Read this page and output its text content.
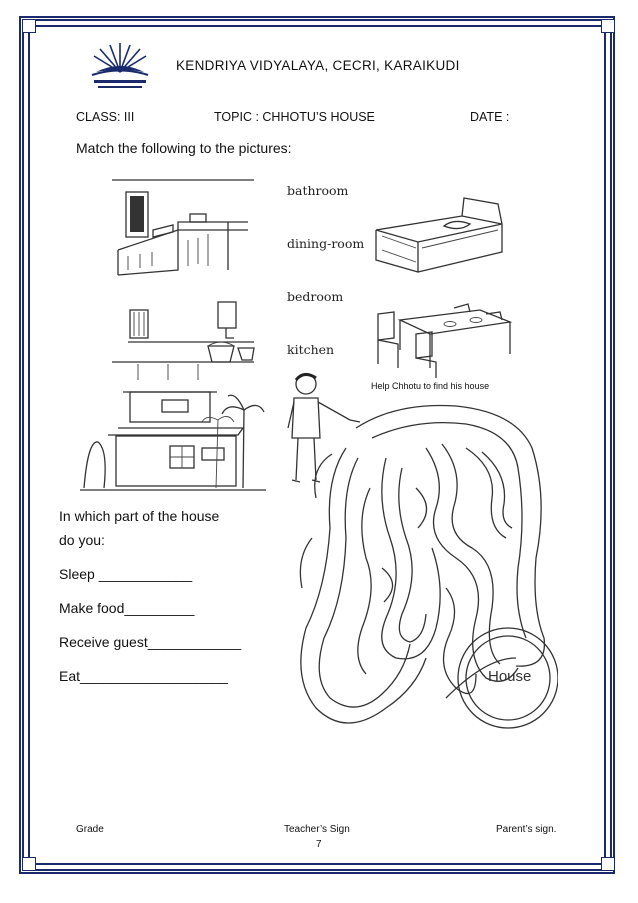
KENDRIYA VIDYALAYA, CECRI, KARAIKUDI
CLASS: III	TOPIC : CHHOTU’S HOUSE	DATE :
Match the following to the pictures:
bathroom
dining-room
bedroom
kitchen
Help Chhotu to find his house
House
In which part of the house
do you:
Sleep ____________
Make food_________
Receive guest____________
Eat___________________
Grade	Teacher’s Sign	Parent’s sign.
7
